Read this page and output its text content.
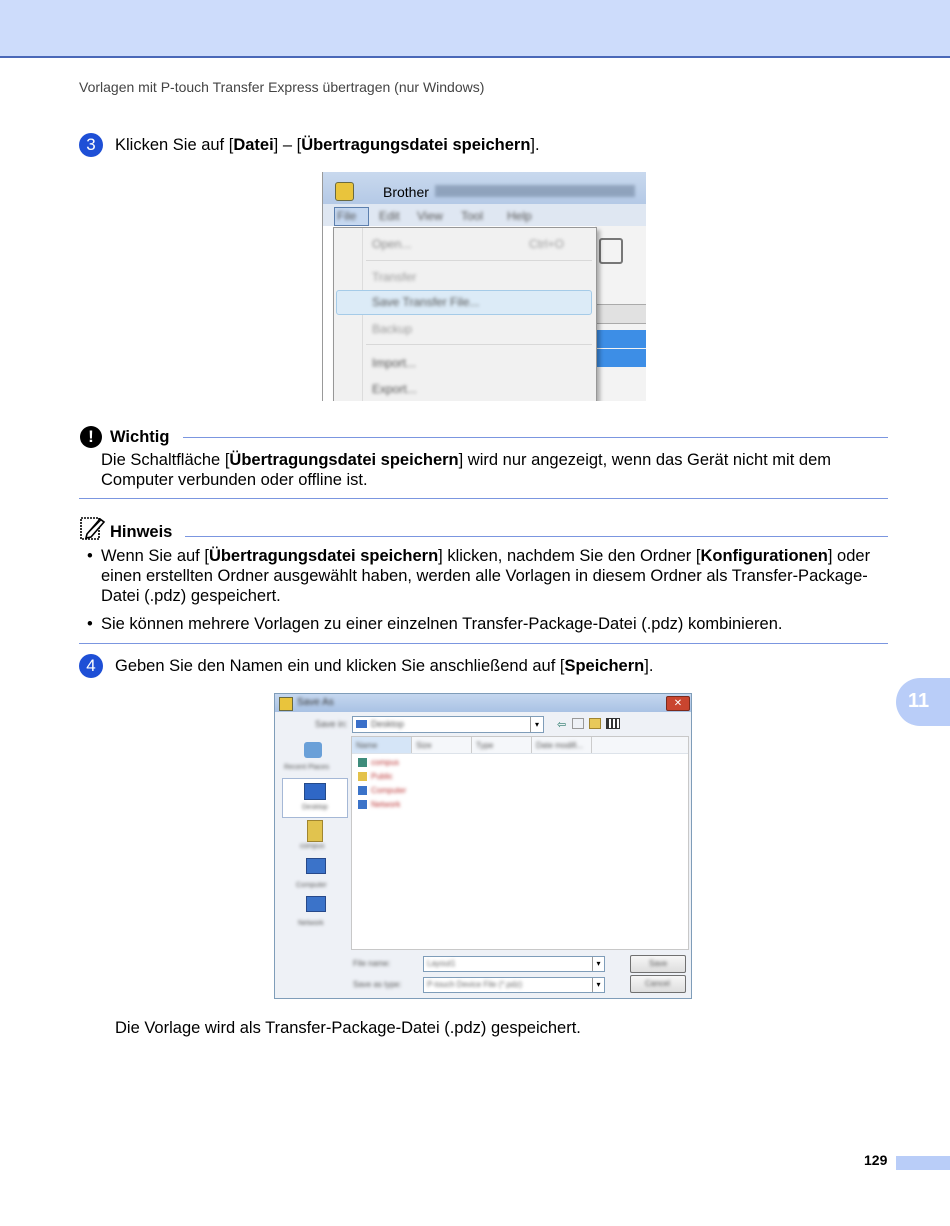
Vorlagen mit P-touch Transfer Express übertragen (nur Windows)
3	Klicken Sie auf [Datei] – [Übertragungsdatei speichern].
Brother
File Edit View Tool Help
Open...	Ctrl+O
Transfer
Save Transfer File...
Backup
Import...
Export...
! Wichtig
Die Schaltfläche [Übertragungsdatei speichern] wird nur angezeigt, wenn das Gerät nicht mit dem
Computer verbunden oder offline ist.
Hinweis
• Wenn Sie auf [Übertragungsdatei speichern] klicken, nachdem Sie den Ordner [Konfigurationen] oder
einen erstellten Ordner ausgewählt haben, werden alle Vorlagen in diesem Ordner als Transfer-Package-
Datei (.pdz) gespeichert.
• Sie können mehrere Vorlagen zu einer einzelnen Transfer-Package-Datei (.pdz) kombinieren.
4	Geben Sie den Namen ein und klicken Sie anschließend auf [Speichern].
Save As	✕
Save in:	Desktop	▾	⇦
Recent Places
Desktop
compus
Computer
Network
Name	Size	Type	Date modifi...
compus
Public
Computer
Network
File name:	Layout1	▾
Save as type:	P-touch Device File (*.pdz)	▾
Save
Cancel
Die Vorlage wird als Transfer-Package-Datei (.pdz) gespeichert.
11
129
